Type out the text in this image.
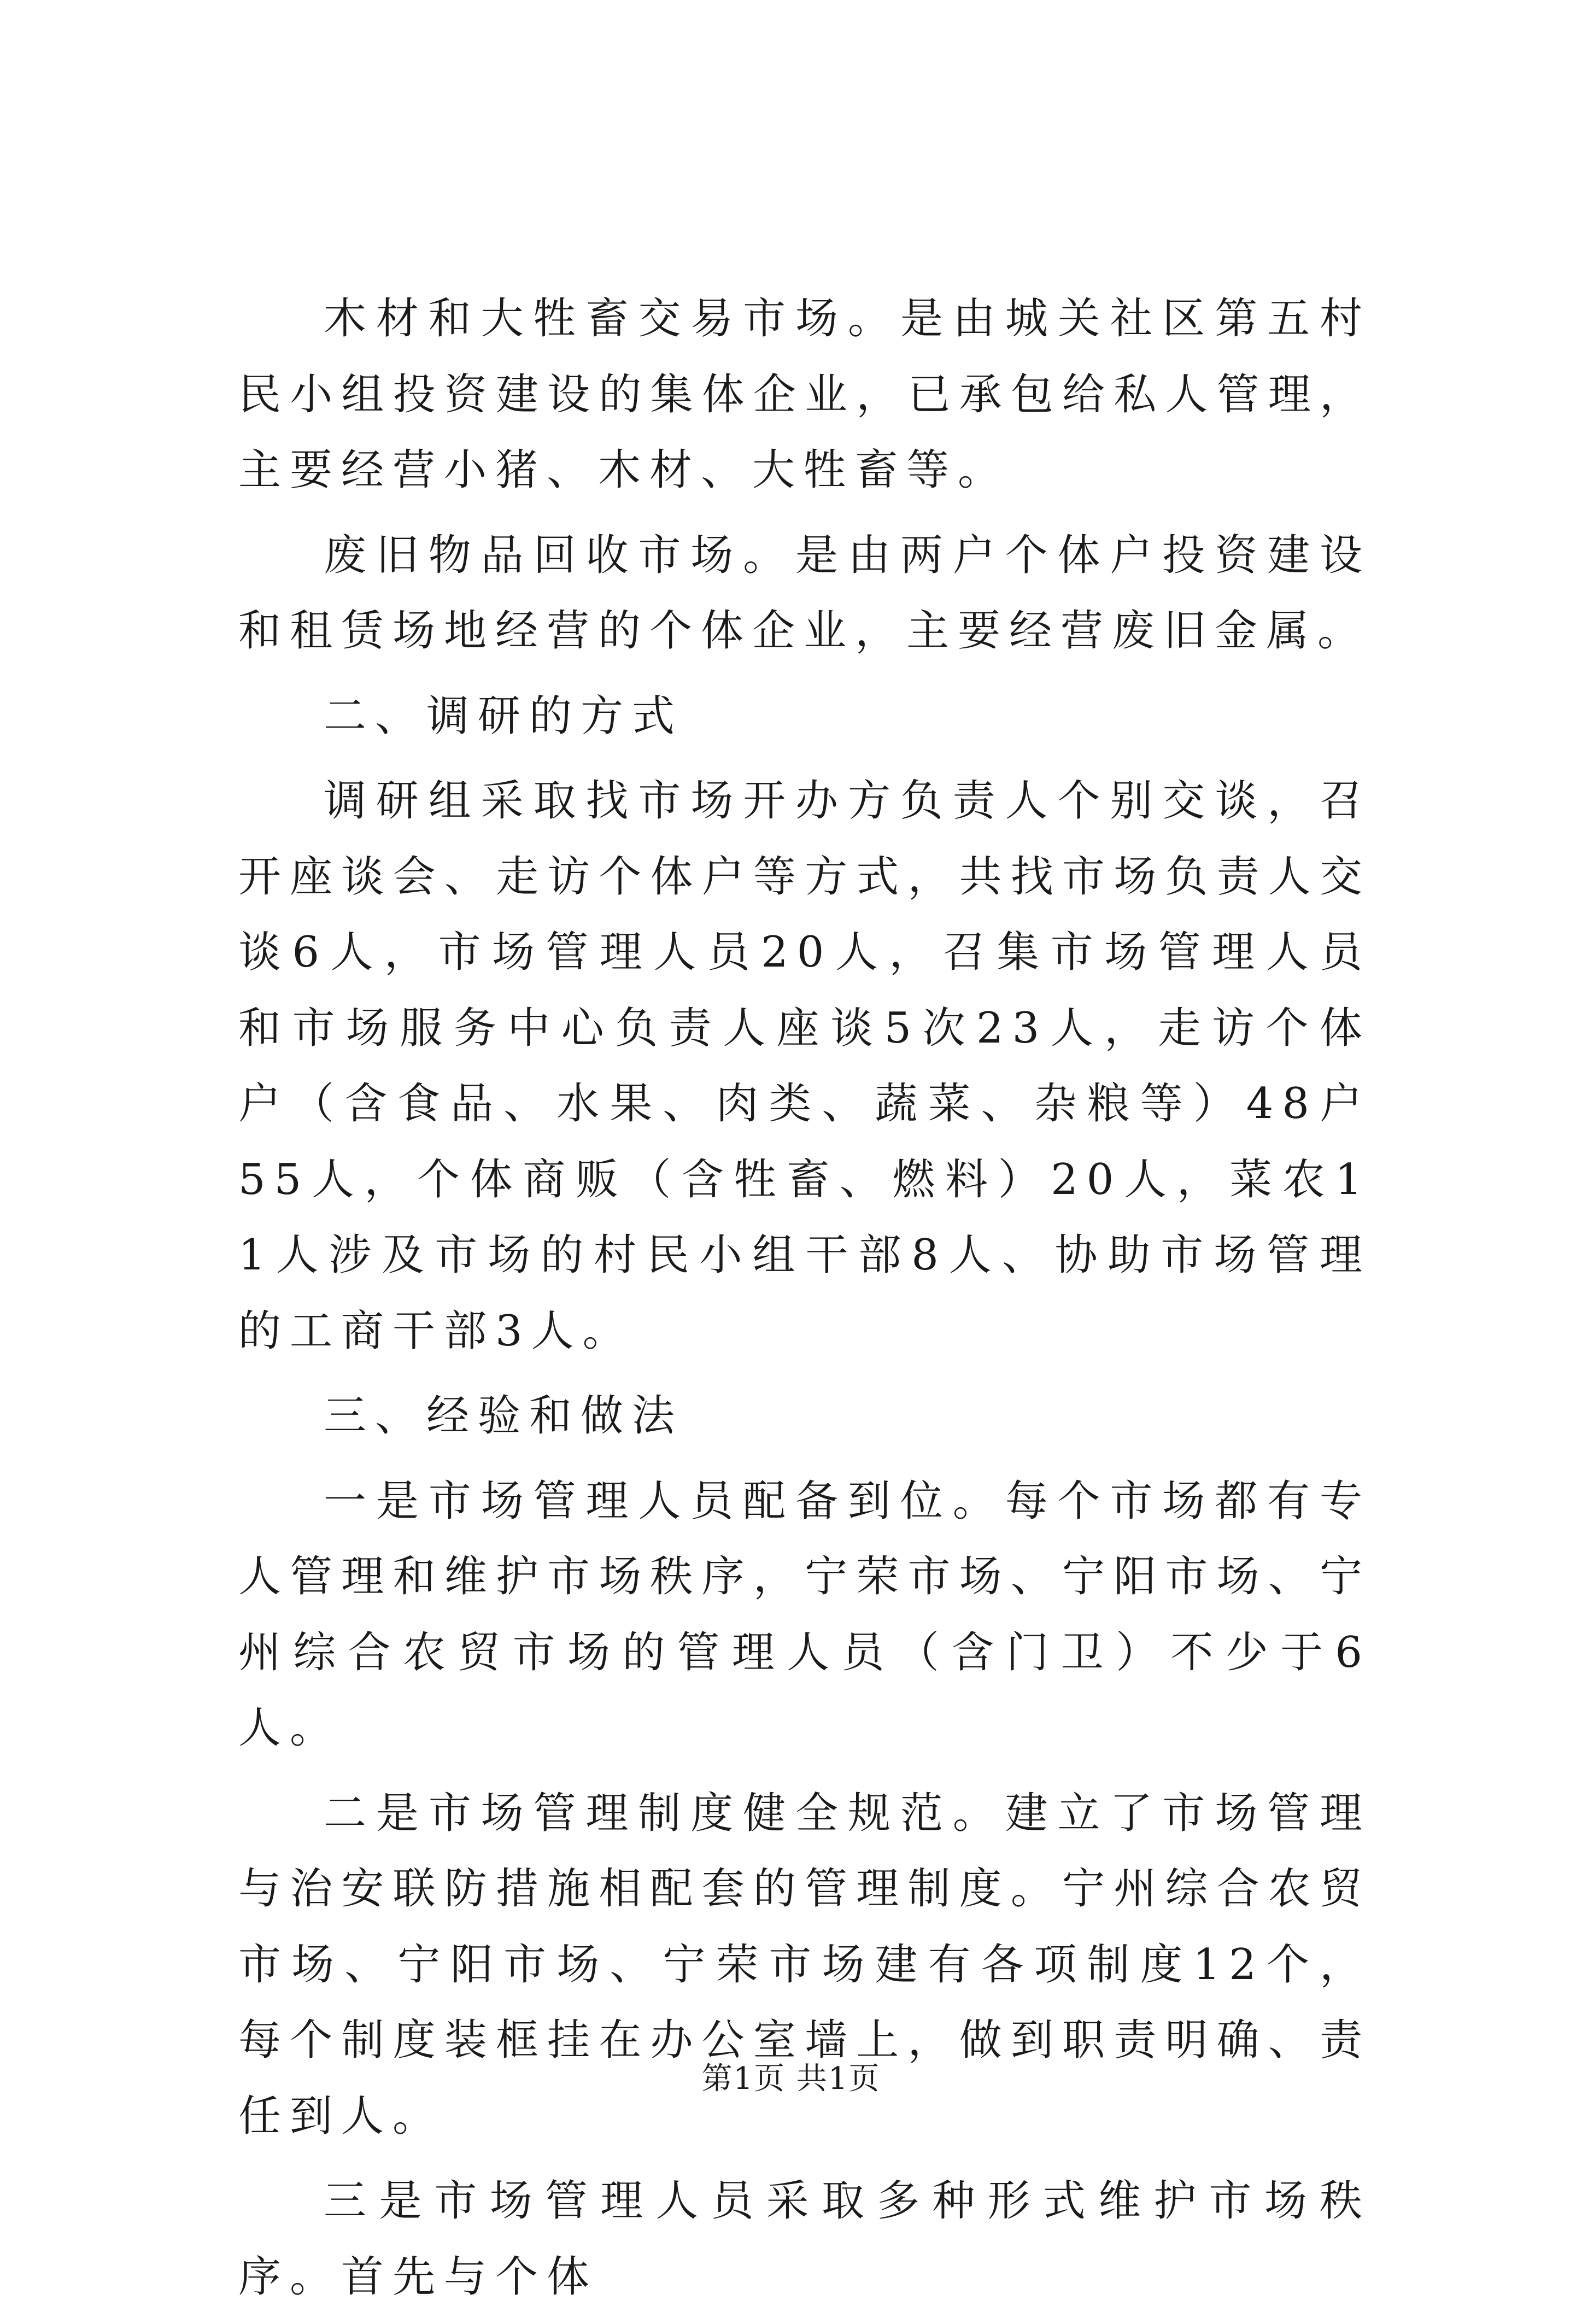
木材和大牲畜交易市场。是由城关社区第五村民小组投资建设的集体企业，已承包给私人管理，主要经营小猪、木材、大牲畜等。

废旧物品回收市场。是由两户个体户投资建设和租赁场地经营的个体企业，主要经营废旧金属。

二、调研的方式

调研组采取找市场开办方负责人个别交谈，召开座谈会、走访个体户等方式，共找市场负责人交谈6人，市场管理人员20人，召集市场管理人员和市场服务中心负责人座谈5次23人，走访个体户（含食品、水果、肉类、蔬菜、杂粮等）48户55人，个体商贩（含牲畜、燃料）20人，菜农11人涉及市场的村民小组干部8人、协助市场管理的工商干部3人。

三、经验和做法

一是市场管理人员配备到位。每个市场都有专人管理和维护市场秩序，宁荣市场、宁阳市场、宁州综合农贸市场的管理人员（含门卫）不少于6人。

二是市场管理制度健全规范。建立了市场管理与治安联防措施相配套的管理制度。宁州综合农贸市场、宁阳市场、宁荣市场建有各项制度12个，每个制度装框挂在办公室墙上，做到职责明确、责任到人。

三是市场管理人员采取多种形式维护市场秩序。首先与个体

第1页 共1页
